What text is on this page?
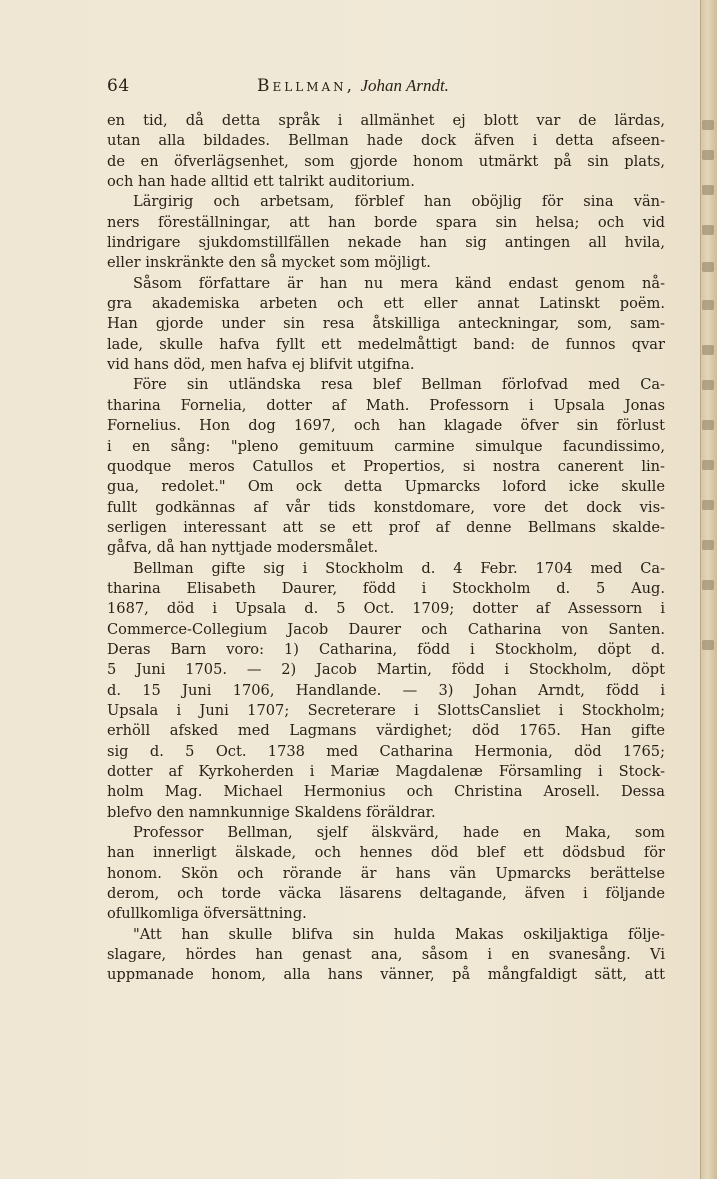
64	Bellman, Johan Arndt.
en tid, då detta språk i allmänhet ej blott var de lärdas,
utan alla bildades. Bellman hade dock äfven i detta afseen-
de en öfverlägsenhet, som gjorde honom utmärkt på sin plats,
och han hade alltid ett talrikt auditorium.
Lärgirig och arbetsam, förblef han oböjlig för sina vän-
ners föreställningar, att han borde spara sin helsa; och vid
lindrigare sjukdomstillfällen nekade han sig antingen all hvila,
eller inskränkte den så mycket som möjligt.
Såsom författare är han nu mera känd endast genom nå-
gra akademiska arbeten och ett eller annat Latinskt poëm.
Han gjorde under sin resa åtskilliga anteckningar, som, sam-
lade, skulle hafva fyllt ett medelmåttigt band: de funnos qvar
vid hans död, men hafva ej blifvit utgifna.
Före sin utländska resa blef Bellman förlofvad med Ca-
tharina Fornelia, dotter af Math. Professorn i Upsala Jonas
Fornelius. Hon dog 1697, och han klagade öfver sin förlust
i en sång: "pleno gemituum carmine simulque facundissimo,
quodque meros Catullos et Propertios, si nostra canerent lin-
gua, redolet." Om ock detta Upmarcks loford icke skulle
fullt godkännas af vår tids konstdomare, vore det dock vis-
serligen interessant att se ett prof af denne Bellmans skalde-
gåfva, då han nyttjade modersmålet.
Bellman gifte sig i Stockholm d. 4 Febr. 1704 med Ca-
tharina Elisabeth Daurer, född i Stockholm d. 5 Aug.
1687, död i Upsala d. 5 Oct. 1709; dotter af Assessorn i
Commerce-Collegium Jacob Daurer och Catharina von Santen.
Deras Barn voro: 1) Catharina, född i Stockholm, döpt d.
5 Juni 1705. — 2) Jacob Martin, född i Stockholm, döpt
d. 15 Juni 1706, Handlande. — 3) Johan Arndt, född i
Upsala i Juni 1707; Secreterare i SlottsCansliet i Stockholm;
erhöll afsked med Lagmans värdighet; död 1765. Han gifte
sig d. 5 Oct. 1738 med Catharina Hermonia, död 1765;
dotter af Kyrkoherden i Mariæ Magdalenæ Församling i Stock-
holm Mag. Michael Hermonius och Christina Arosell. Dessa
blefvo den namnkunnige Skaldens föräldrar.
Professor Bellman, sjelf älskvärd, hade en Maka, som
han innerligt älskade, och hennes död blef ett dödsbud för
honom. Skön och rörande är hans vän Upmarcks berättelse
derom, och torde väcka läsarens deltagande, äfven i följande
ofullkomliga öfversättning.
"Att han skulle blifva sin hulda Makas oskiljaktiga följe-
slagare, hördes han genast ana, såsom i en svanesång. Vi
uppmanade honom, alla hans vänner, på mångfaldigt sätt, att
